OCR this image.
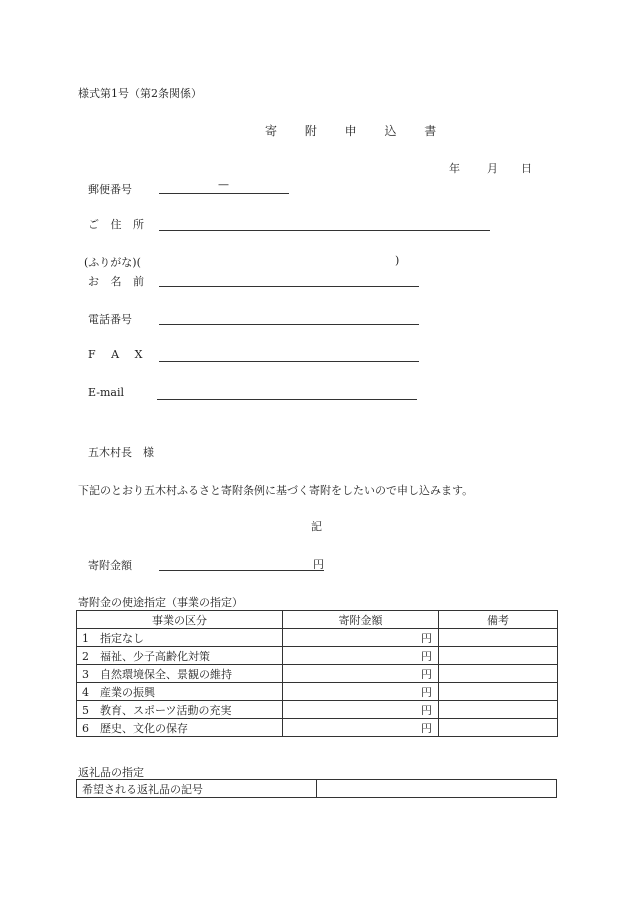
様式第1号（第2条関係）
寄 附 申 込 書
年 月 日
郵便番号	—
ご 住 所
(ふりがな)(	)
お 名 前
電話番号
F A X
E-mail
五木村長　様
下記のとおり五木村ふるさと寄附条例に基づく寄附をしたいので申し込みます。
記
寄附金額	円
寄附金の使途指定（事業の指定）
事業の区分	寄附金額	備考
1　指定なし	円	
2　福祉、少子高齢化対策	円	
3　自然環境保全、景観の維持	円	
4　産業の振興	円	
5　教育、スポーツ活動の充実	円	
6　歴史、文化の保存	円	
返礼品の指定
希望される返礼品の記号	
